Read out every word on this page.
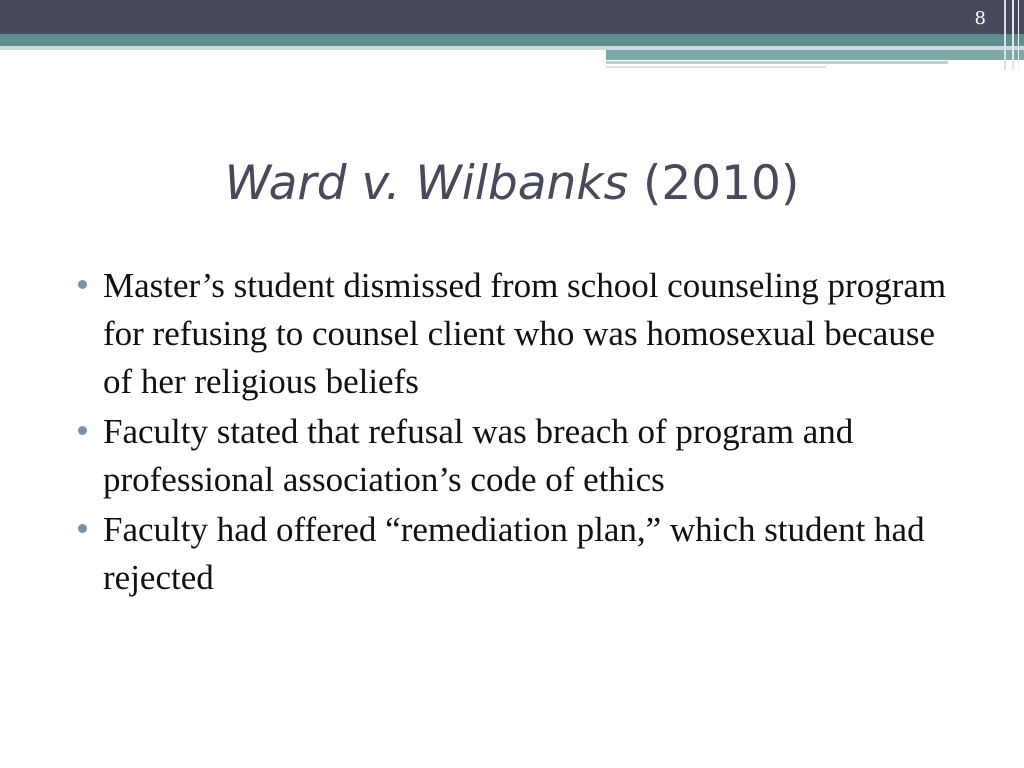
8
Ward v. Wilbanks (2010)
Master’s student dismissed from school counseling program for refusing to counsel client who was homosexual because of her religious beliefs
Faculty stated that refusal was breach of program and professional association’s code of ethics
Faculty had offered “remediation plan,” which student had rejected
